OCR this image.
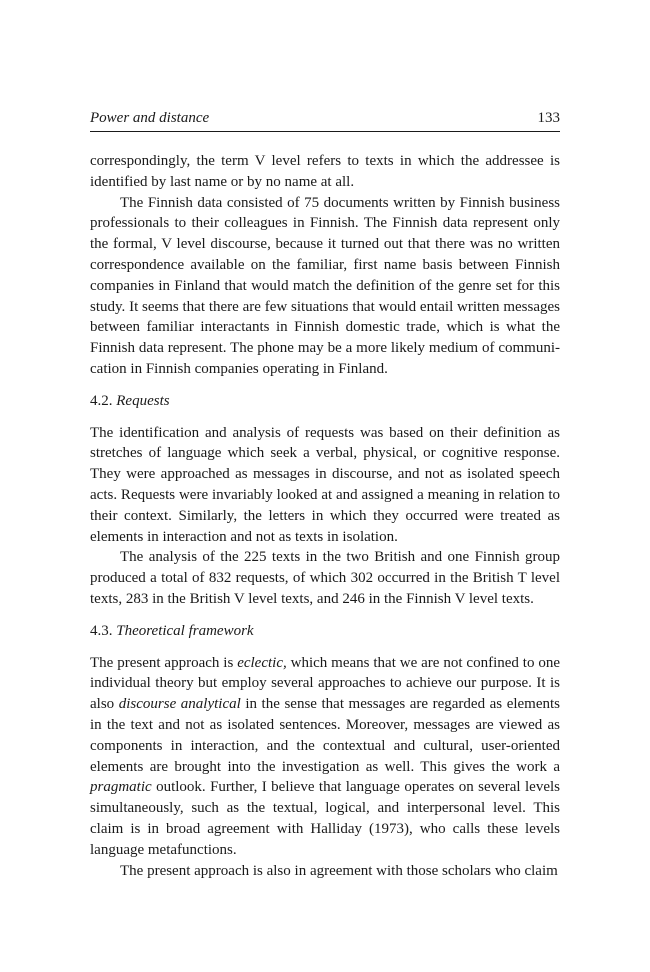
Power and distance	133

correspondingly, the term V level refers to texts in which the addressee is identified by last name or by no name at all.

The Finnish data consisted of 75 documents written by Finnish business professionals to their colleagues in Finnish. The Finnish data represent only the formal, V level discourse, because it turned out that there was no written correspondence available on the familiar, first name basis between Finnish companies in Finland that would match the definition of the genre set for this study. It seems that there are few situations that would entail written messages between familiar interactants in Finnish domestic trade, which is what the Finnish data represent. The phone may be a more likely medium of communi-cation in Finnish companies operating in Finland.

4.2. Requests

The identification and analysis of requests was based on their definition as stretches of language which seek a verbal, physical, or cognitive response. They were approached as messages in discourse, and not as isolated speech acts. Requests were invariably looked at and assigned a meaning in relation to their context. Similarly, the letters in which they occurred were treated as elements in interaction and not as texts in isolation.

The analysis of the 225 texts in the two British and one Finnish group produced a total of 832 requests, of which 302 occurred in the British T level texts, 283 in the British V level texts, and 246 in the Finnish V level texts.

4.3. Theoretical framework

The present approach is eclectic, which means that we are not confined to one individual theory but employ several approaches to achieve our purpose. It is also discourse analytical in the sense that messages are regarded as elements in the text and not as isolated sentences. Moreover, messages are viewed as components in interaction, and the contextual and cultural, user-oriented elements are brought into the investigation as well. This gives the work a pragmatic outlook. Further, I believe that language operates on several levels simultaneously, such as the textual, logical, and interpersonal level. This claim is in broad agreement with Halliday (1973), who calls these levels language metafunctions.

The present approach is also in agreement with those scholars who claim
